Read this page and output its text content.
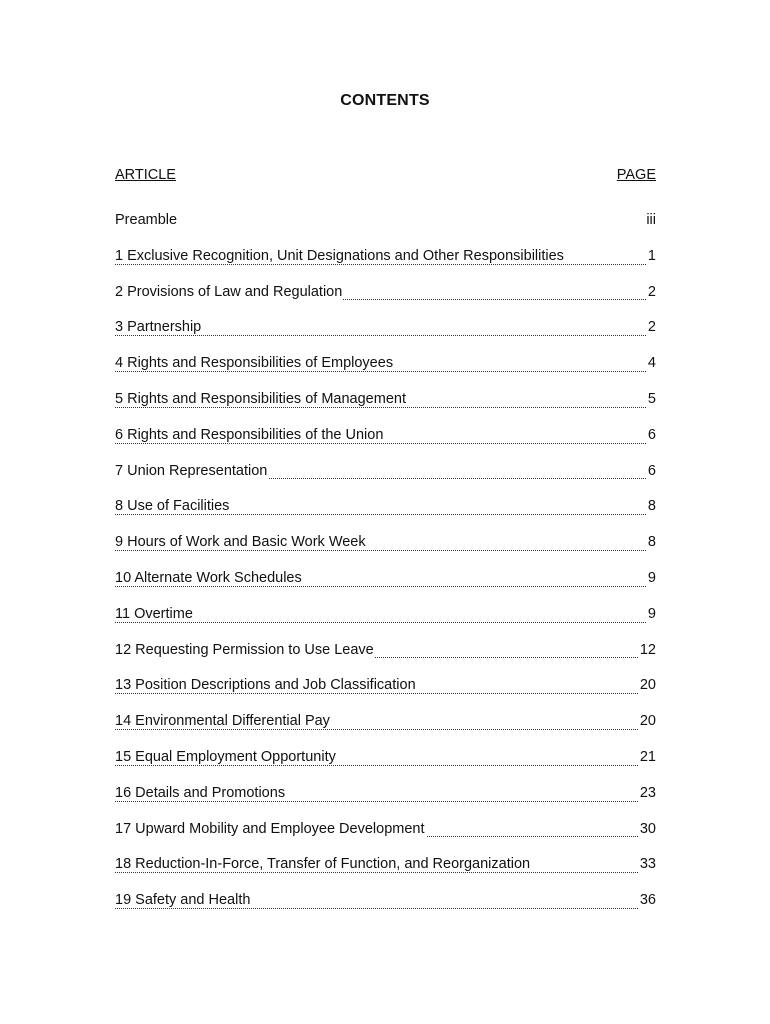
CONTENTS
ARTICLE	PAGE
Preamble	iii
1 Exclusive Recognition, Unit Designations and Other Responsibilities	1
2 Provisions of Law and Regulation	2
3 Partnership	2
4 Rights and Responsibilities of Employees	4
5 Rights and Responsibilities of Management	5
6 Rights and Responsibilities of the Union	6
7 Union Representation	6
8 Use of Facilities	8
9 Hours of Work and Basic Work Week	8
10 Alternate Work Schedules	9
11 Overtime	9
12 Requesting Permission to Use Leave	12
13 Position Descriptions and Job Classification	20
14 Environmental Differential Pay	20
15 Equal Employment Opportunity	21
16 Details and Promotions	23
17 Upward Mobility and Employee Development	30
18 Reduction-In-Force, Transfer of Function, and Reorganization	33
19 Safety and Health	36
